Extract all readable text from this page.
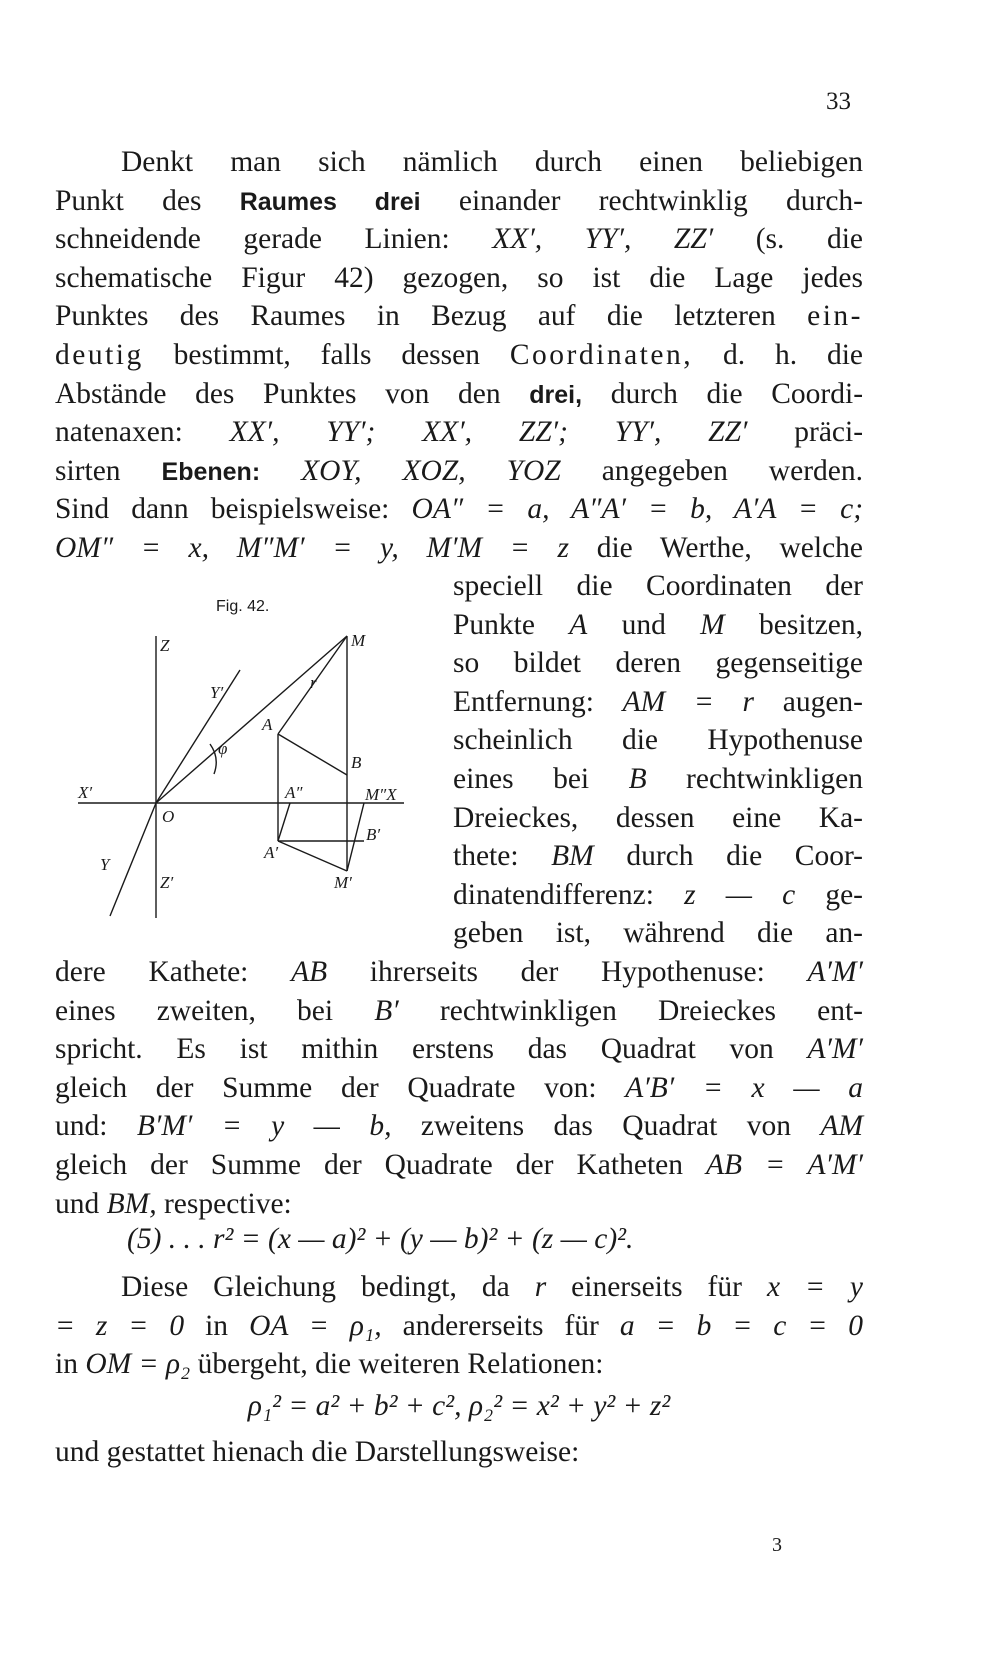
33
Denkt man sich nämlich durch einen beliebigen
Punkt des Raumes drei einander rechtwinklig durch-
schneidende gerade Linien: XX′, YY′, ZZ′ (s. die
schematische Figur 42) gezogen, so ist die Lage jedes
Punktes des Raumes in Bezug auf die letzteren ein-
deutig bestimmt, falls dessen Coordinaten, d. h. die
Abstände des Punktes von den drei, durch die Coordi-
natenaxen: XX′, YY′; XX′, ZZ′; YY′, ZZ′ präci-
sirten Ebenen: XOY, XOZ, YOZ angegeben werden.
Sind dann beispielsweise: OA″ = a, A″A′ = b, A′A = c;
OM″ = x, M″M′ = y, M′M = z die Werthe, welche
Fig. 42.
Z	M
r
Y′
A
φ
B
X′	A″	M″X
O
B′
Y
A′
Z′	M′
speciell die Coordinaten der
Punkte A und M besitzen,
so bildet deren gegenseitige
Entfernung: AM = r augen-
scheinlich die Hypothenuse
eines bei B rechtwinkligen
Dreieckes, dessen eine Ka-
thete: BM durch die Coor-
dinatendifferenz: z — c ge-
geben ist, während die an-
dere Kathete: AB ihrerseits der Hypothenuse: A′M′
eines zweiten, bei B′ rechtwinkligen Dreieckes ent-
spricht. Es ist mithin erstens das Quadrat von A′M′
gleich der Summe der Quadrate von: A′B′ = x — a
und: B′M′ = y — b, zweitens das Quadrat von AM
gleich der Summe der Quadrate der Katheten AB = A′M′
und BM, respective:
(5) . . . r² = (x — a)² + (y — b)² + (z — c)².
Diese Gleichung bedingt, da r einerseits für x = y
= z = 0 in OA = ρ₁, andererseits für a = b = c = 0
in OM = ρ₂ übergeht, die weiteren Relationen:
ρ₁² = a² + b² + c², ρ₂² = x² + y² + z²
und gestattet hienach die Darstellungsweise:
3
